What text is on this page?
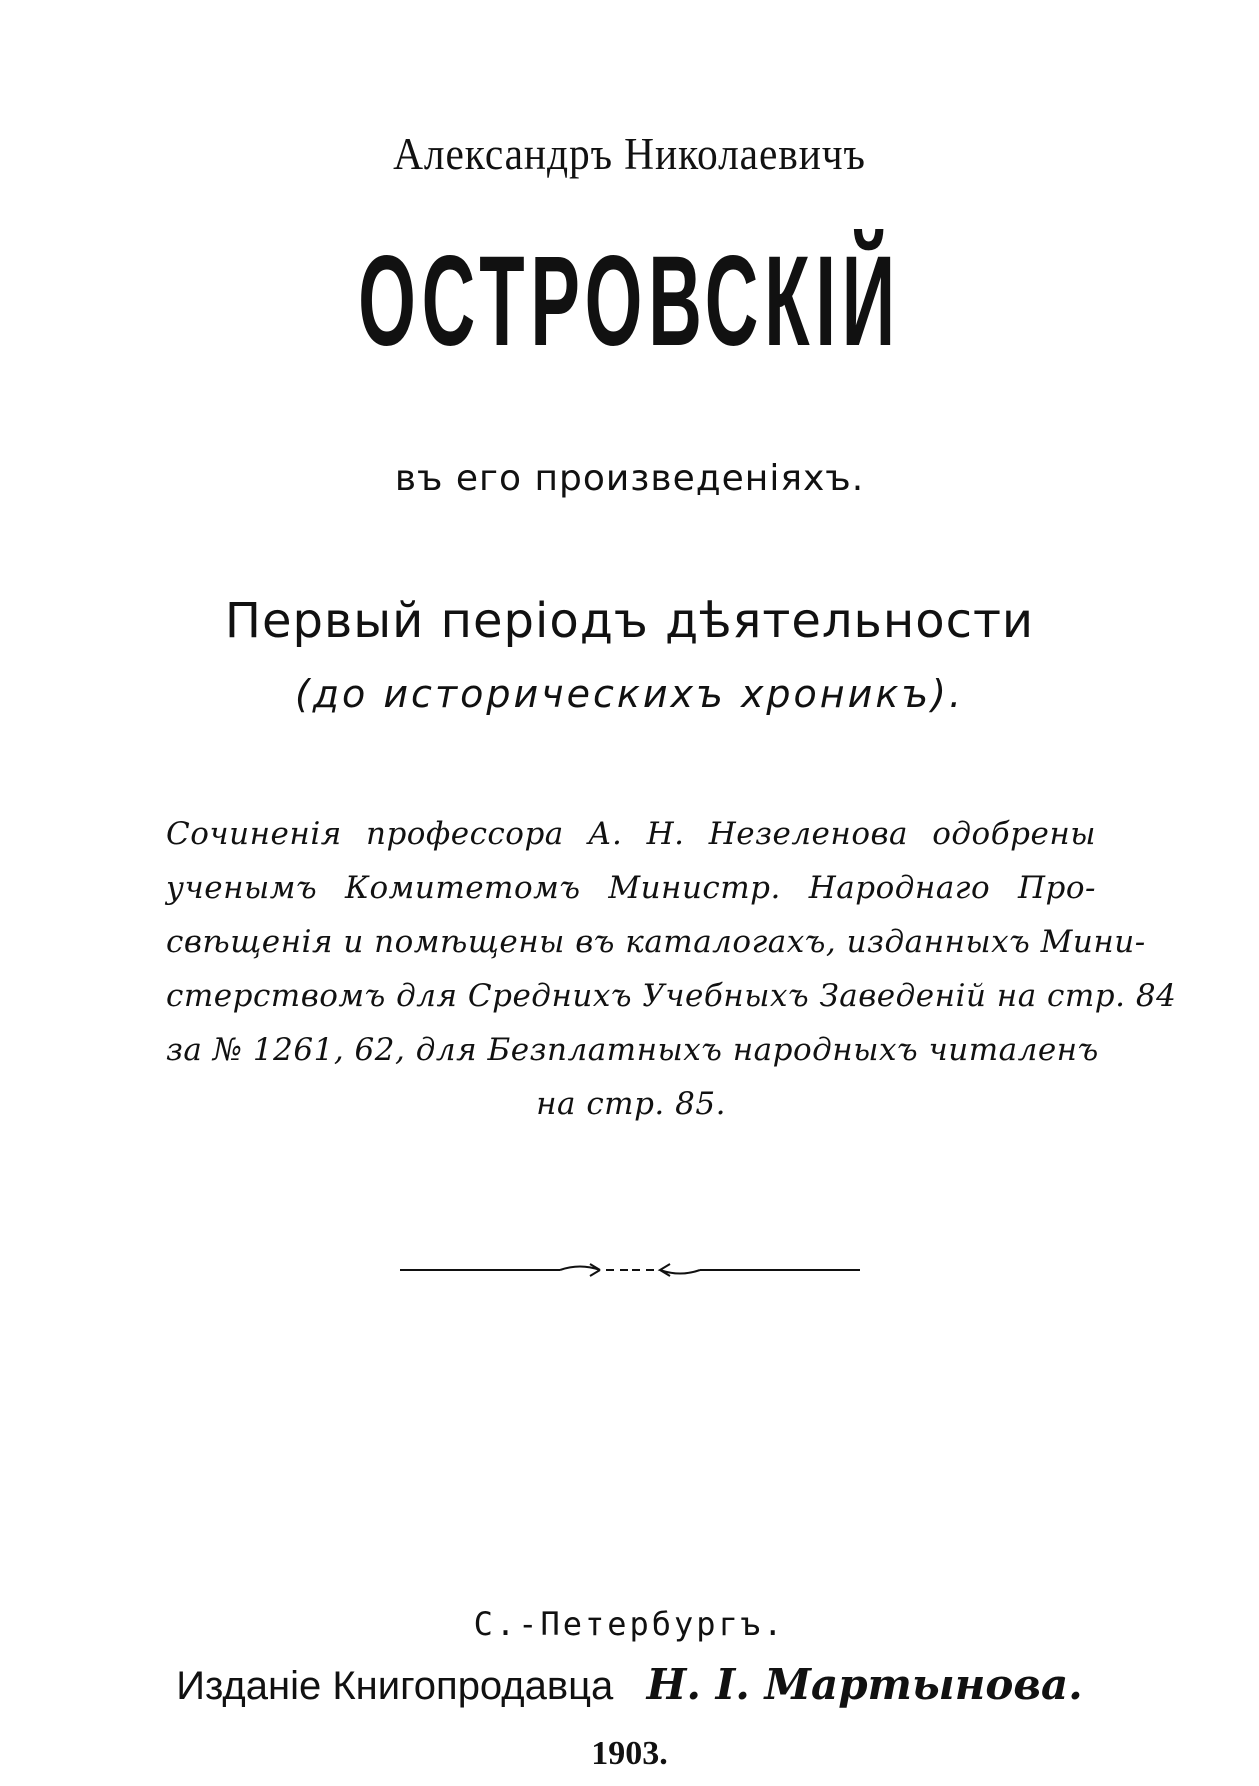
Александръ Николаевичъ
ОСТРОВСКIЙ
въ его произведенiяхъ.
Первый перiодъ дѣятельности
(до историческихъ хроникъ).
Сочиненiя профессора А. Н. Незеленова одобрены
ученымъ Комитетомъ Министр. Народнаго Про-
свѣщенiя и помѣщены въ каталогахъ, изданныхъ Мини-
стерствомъ для Среднихъ Учебныхъ Заведенiй на стр. 84
за № 1261, 62, для Безплатныхъ народныхъ читаленъ
на стр. 85.
С.-Петербургъ.
Изданiе Книгопродавца Н. I. Мартынова.
1903.
